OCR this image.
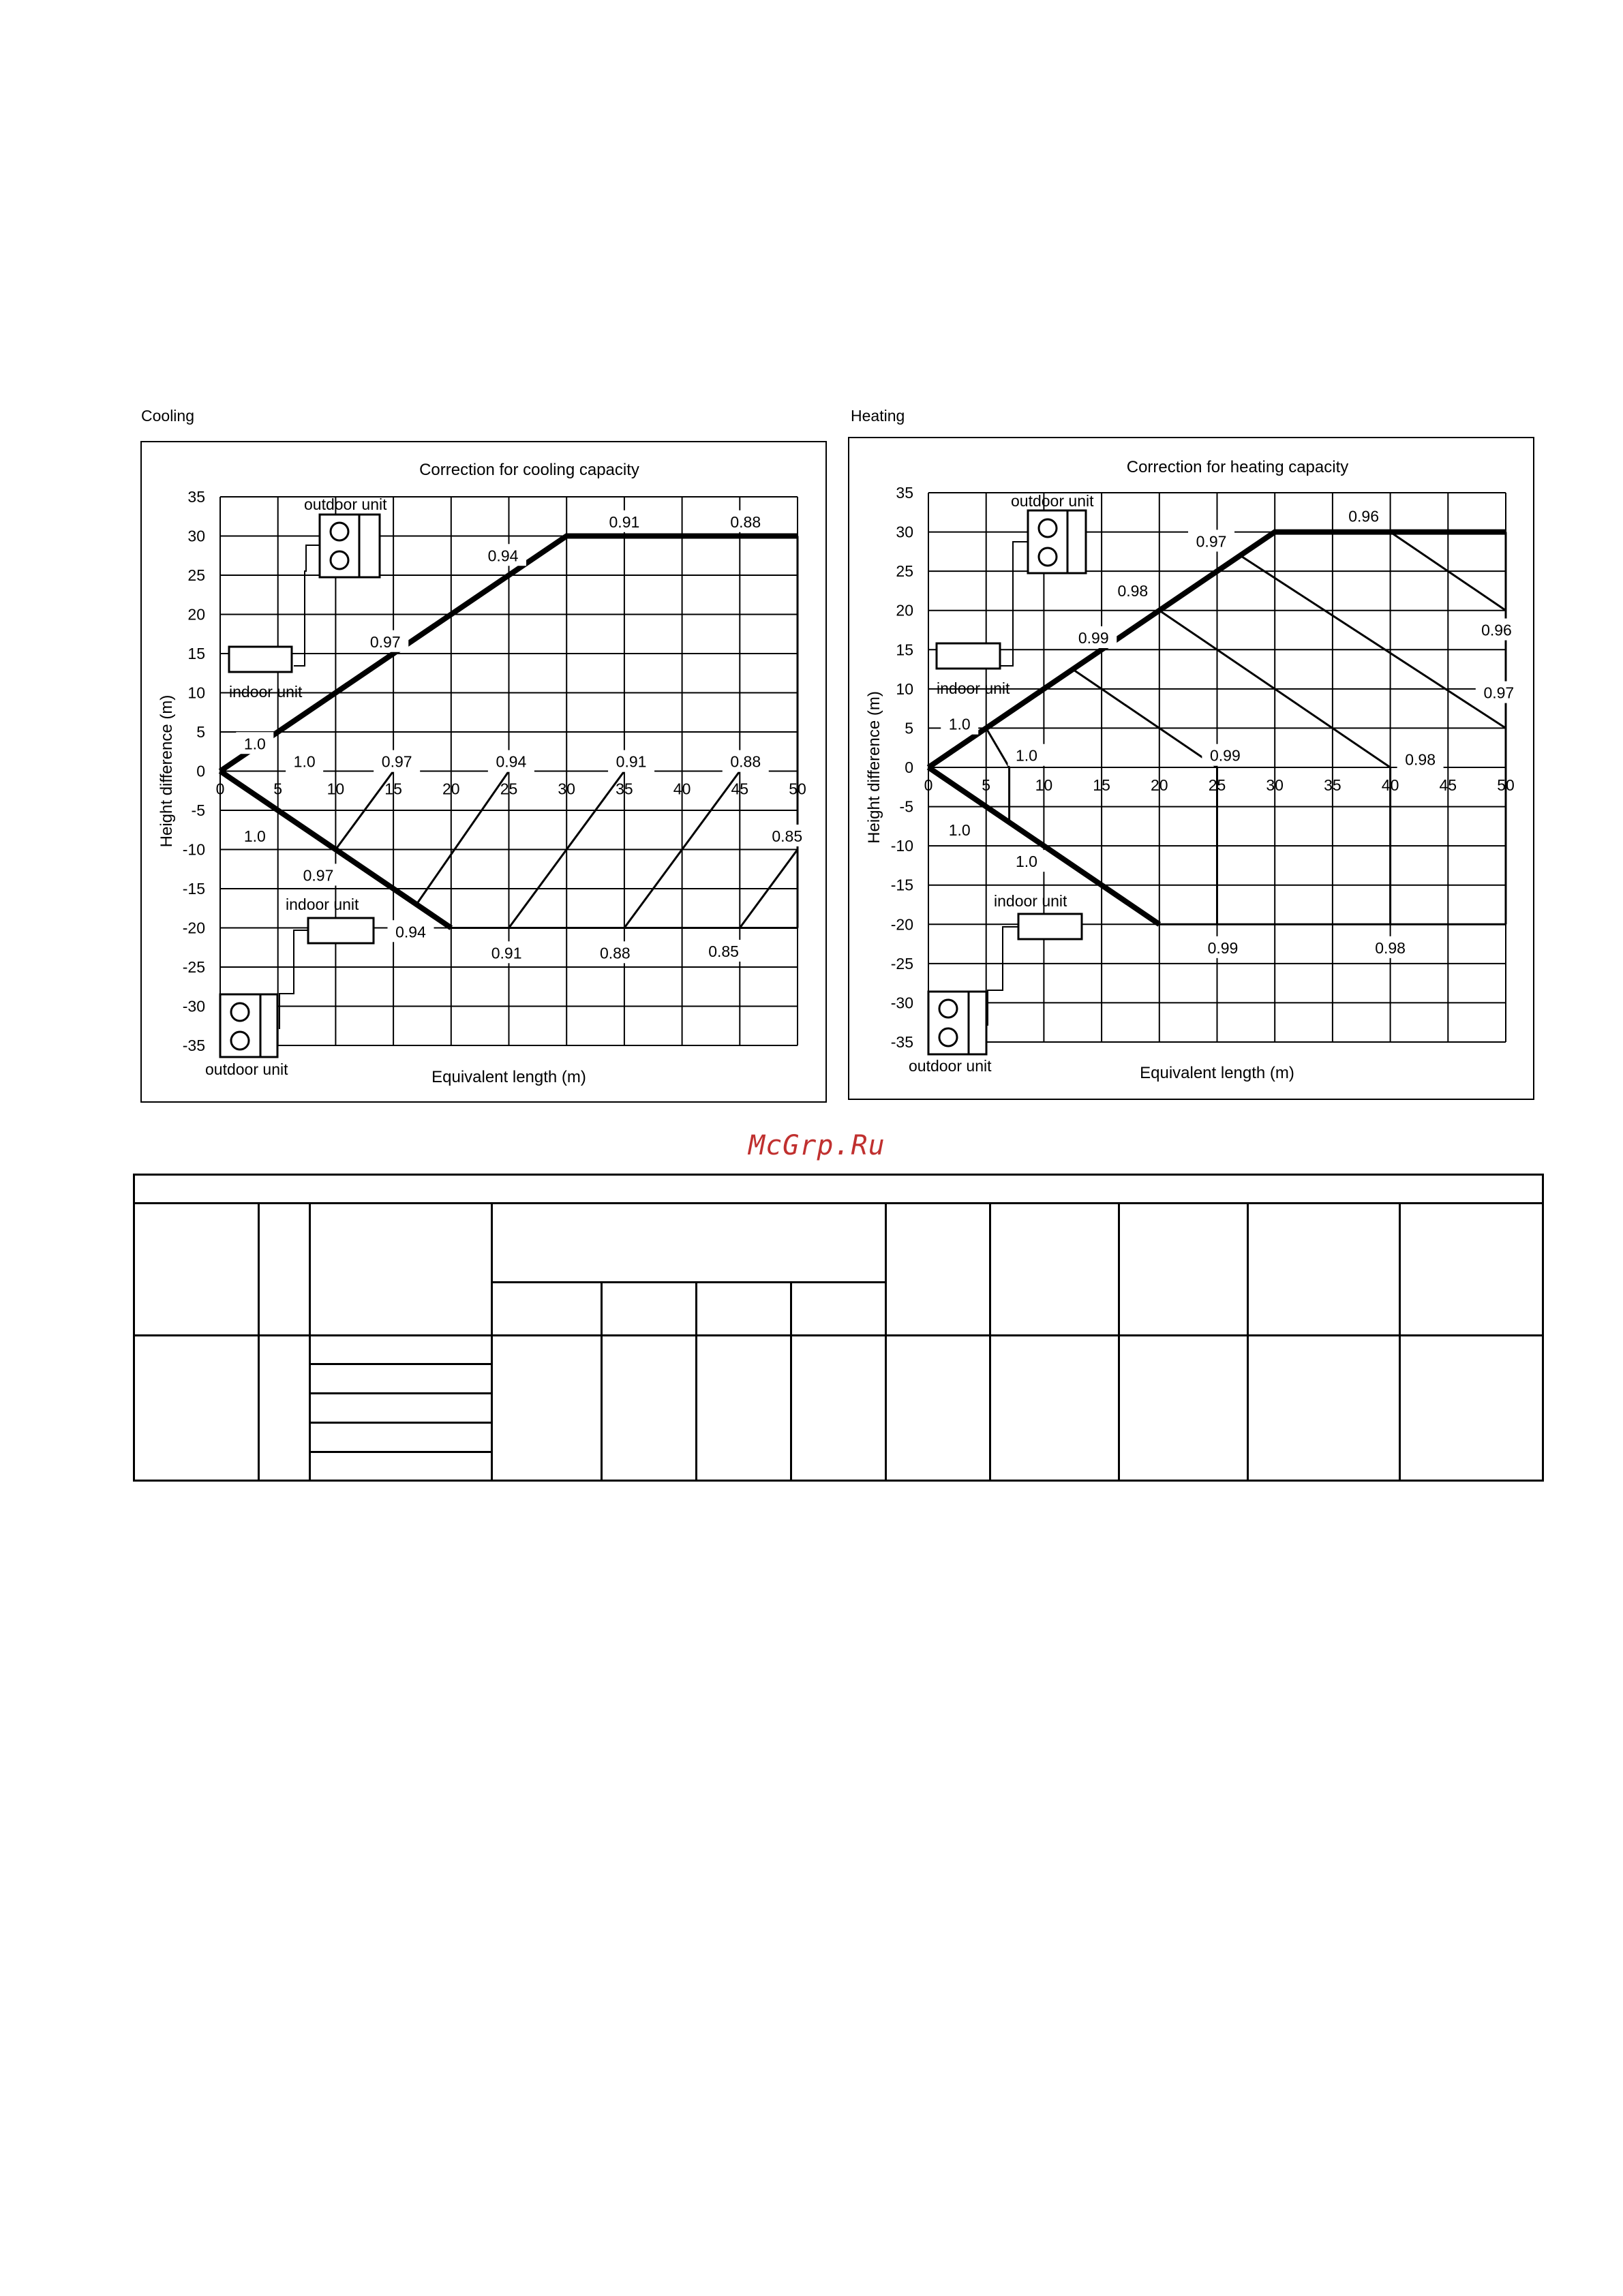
35
30
25
20
15
10
5
0
-5
-10
-15
-20
-25
-30
-35
0	5	10	15	20	25	30	35	40	45	50
Correction for cooling capacity
Equivalent length (m)
Height difference (m)	1.0
0.97
0.94
0.91	0.88
1.0	0.97	0.94	0.91	0.88
1.0
0.97
0.94
0.91	0.88	0.85
0.85
outdoor unit
indoor unit
indoor unit
outdoor unit
35
30
25
20
15
10
5
0
-5
-10
-15
-20
-25
-30
-35
0	5	10	15	20	25	30	35	40	45	50
Correction for heating capacity
Equivalent length (m)
Height difference (m)	1.0
0.99
0.98
0.97
0.96
0.96
0.97
1.0	0.99	0.98
1.0
1.0
0.99	0.98
outdoor unit
indoor unit
indoor unit
outdoor unit
Cooling	Heating
McGrp.Ru
